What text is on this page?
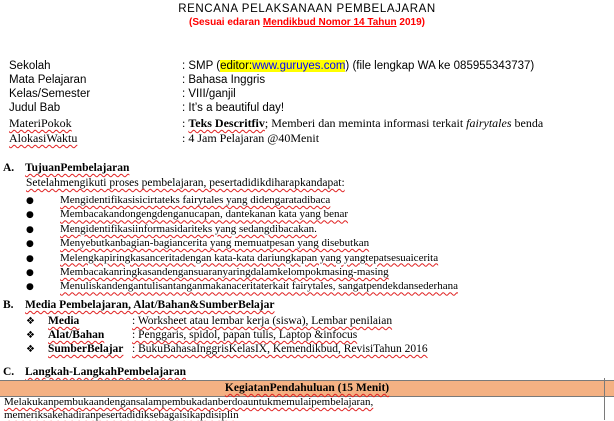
RENCANA PELAKSANAAN PEMBELAJARAN
(Sesuai edaran Mendikbud Nomor 14 Tahun 2019)
Sekolah	: SMP (editor:www.guruyes.com) (file lengkap WA ke 085955343737)
Mata Pelajaran	: Bahasa Inggris
Kelas/Semester	: VIII/ganjil
Judul Bab	: It’s a beautiful day!
MateriPokok	: Teks Descritfiv; Memberi dan meminta informasi terkait fairytales benda
AlokasiWaktu	: 4 Jam Pelajaran @40Menit
A. TujuanPembelajaran
Setelahmengikuti proses pembelajaran, pesertadidikdiharapkandapat:
● Mengidentifikasisicirtateks fairytales yang didengaratadibaca
● Membacakandongengdenganucapan, dantekanan kata yang benar
● Mengidentifikasiinformasidariteks yang sedangdibacakan.
● Menyebutkanbagian-bagiancerita yang memuatpesan yang disebutkan
● Melengkapiringkasanceritadengan kata-kata dariungkapan yang yangtepatsesuaicerita
● Membacakanringkasandengansuaranyaringdalamkelompokmasing-masing
● Menuliskandengantulisantanganmakanaceritaterkait fairytales, sangatpendekdansederhana
B. Media Pembelajaran, Alat/Bahan&SumberBelajar
❖ Media	: Worksheet atau lembar kerja (siswa), Lembar penilaian
❖ Alat/Bahan : Penggaris, spidol, papan tulis, Laptop &infocus
❖ SumberBelajar : BukuBahasaInggrisKelasIX, Kemendikbud, RevisiTahun 2016
C. Langkah-LangkahPembelajaran
KegiatanPendahuluan (15 Menit)
Melakukanpembukaandengansalampembukadanberdoauntukmemulaipembelajaran,
memeriksakehadiranpesertadidiksebagaisikapdisiplin
